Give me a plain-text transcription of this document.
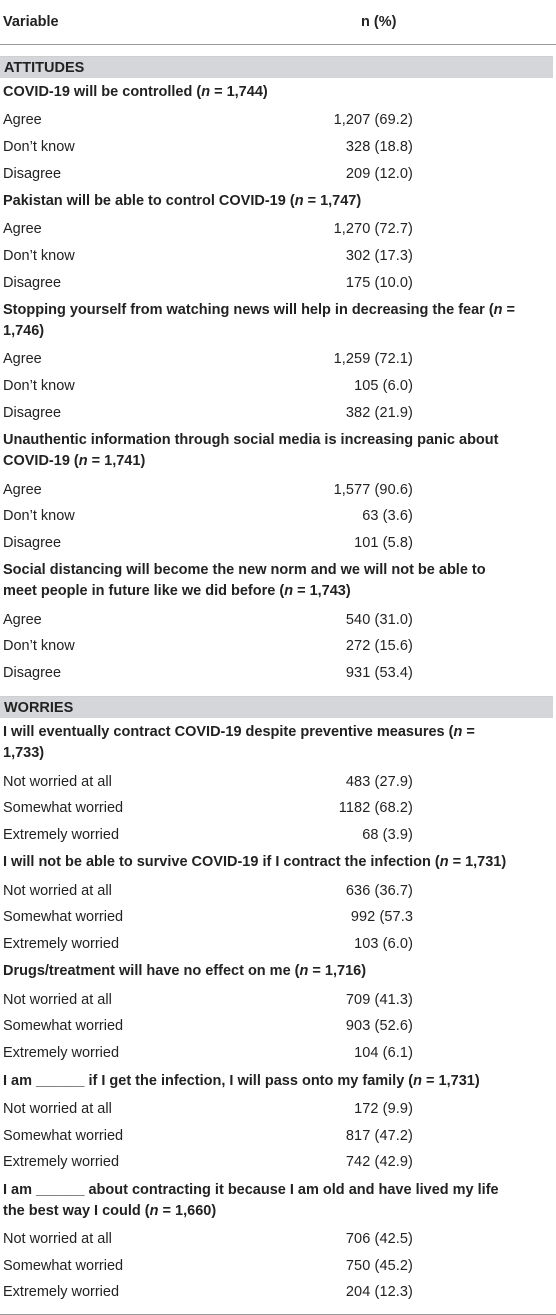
Variable	n (%)
ATTITUDES
COVID-19 will be controlled (n = 1,744)
Agree	1,207 (69.2)
Don’t know	328 (18.8)
Disagree	209 (12.0)
Pakistan will be able to control COVID-19 (n = 1,747)
Agree	1,270 (72.7)
Don’t know	302 (17.3)
Disagree	175 (10.0)
Stopping yourself from watching news will help in decreasing the fear (n = 1,746)
Agree	1,259 (72.1)
Don’t know	105 (6.0)
Disagree	382 (21.9)
Unauthentic information through social media is increasing panic about COVID-19 (n = 1,741)
Agree	1,577 (90.6)
Don’t know	63 (3.6)
Disagree	101 (5.8)
Social distancing will become the new norm and we will not be able to meet people in future like we did before (n = 1,743)
Agree	540 (31.0)
Don’t know	272 (15.6)
Disagree	931 (53.4)
WORRIES
I will eventually contract COVID-19 despite preventive measures (n = 1,733)
Not worried at all	483 (27.9)
Somewhat worried	1182 (68.2)
Extremely worried	68 (3.9)
I will not be able to survive COVID-19 if I contract the infection (n = 1,731)
Not worried at all	636 (36.7)
Somewhat worried	992 (57.3
Extremely worried	103 (6.0)
Drugs/treatment will have no effect on me (n = 1,716)
Not worried at all	709 (41.3)
Somewhat worried	903 (52.6)
Extremely worried	104 (6.1)
I am ______ if I get the infection, I will pass onto my family (n = 1,731)
Not worried at all	172 (9.9)
Somewhat worried	817 (47.2)
Extremely worried	742 (42.9)
I am ______ about contracting it because I am old and have lived my life the best way I could (n = 1,660)
Not worried at all	706 (42.5)
Somewhat worried	750 (45.2)
Extremely worried	204 (12.3)
